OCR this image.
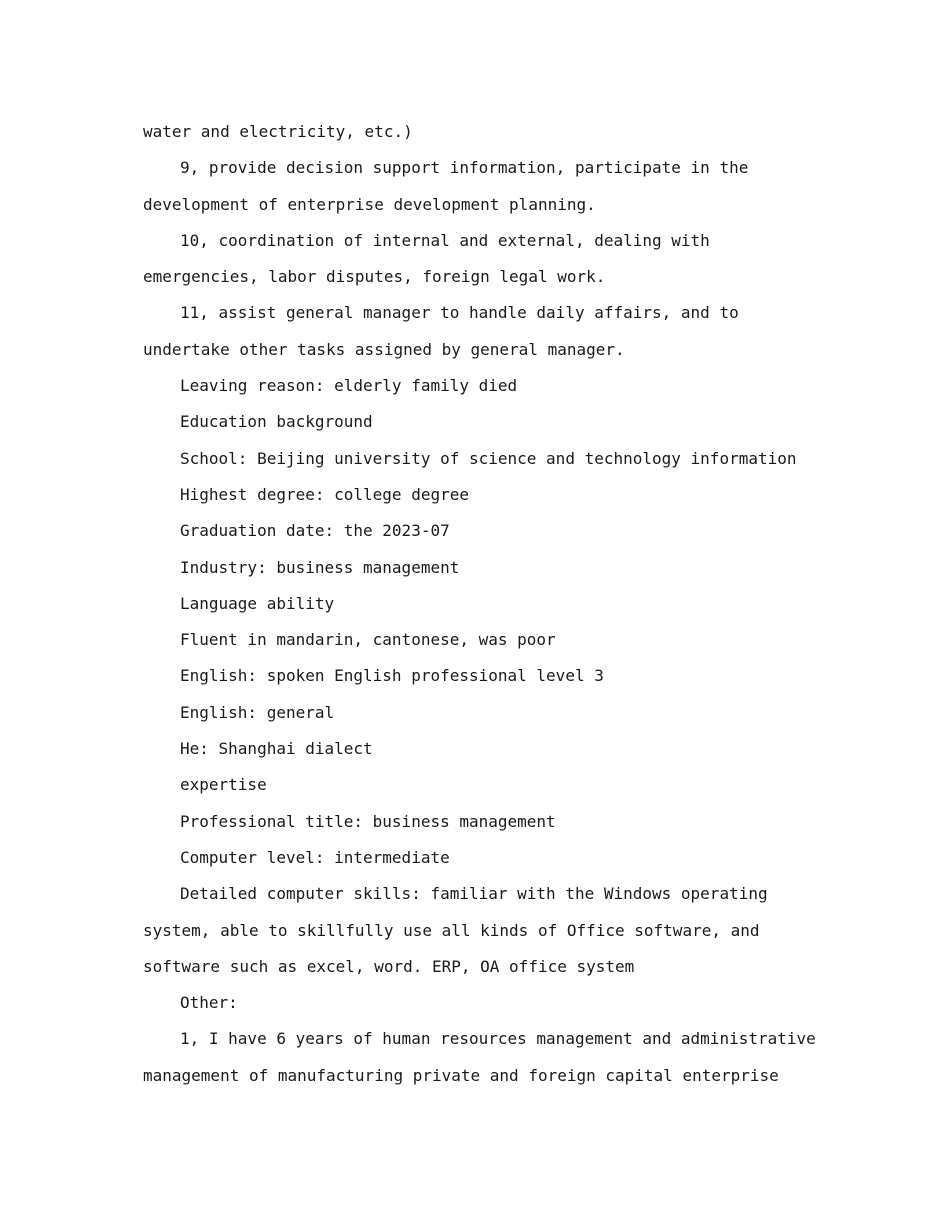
water and electricity, etc.)
9, provide decision support information, participate in the
development of enterprise development planning.
10, coordination of internal and external, dealing with
emergencies, labor disputes, foreign legal work.
11, assist general manager to handle daily affairs, and to
undertake other tasks assigned by general manager.
Leaving reason: elderly family died
Education background
School: Beijing university of science and technology information
Highest degree: college degree
Graduation date: the 2023-07
Industry: business management
Language ability
Fluent in mandarin, cantonese, was poor
English: spoken English professional level 3
English: general
He: Shanghai dialect
expertise
Professional title: business management
Computer level: intermediate
Detailed computer skills: familiar with the Windows operating
system, able to skillfully use all kinds of Office software, and
software such as excel, word. ERP, OA office system
Other:
1, I have 6 years of human resources management and administrative
management of manufacturing private and foreign capital enterprise
